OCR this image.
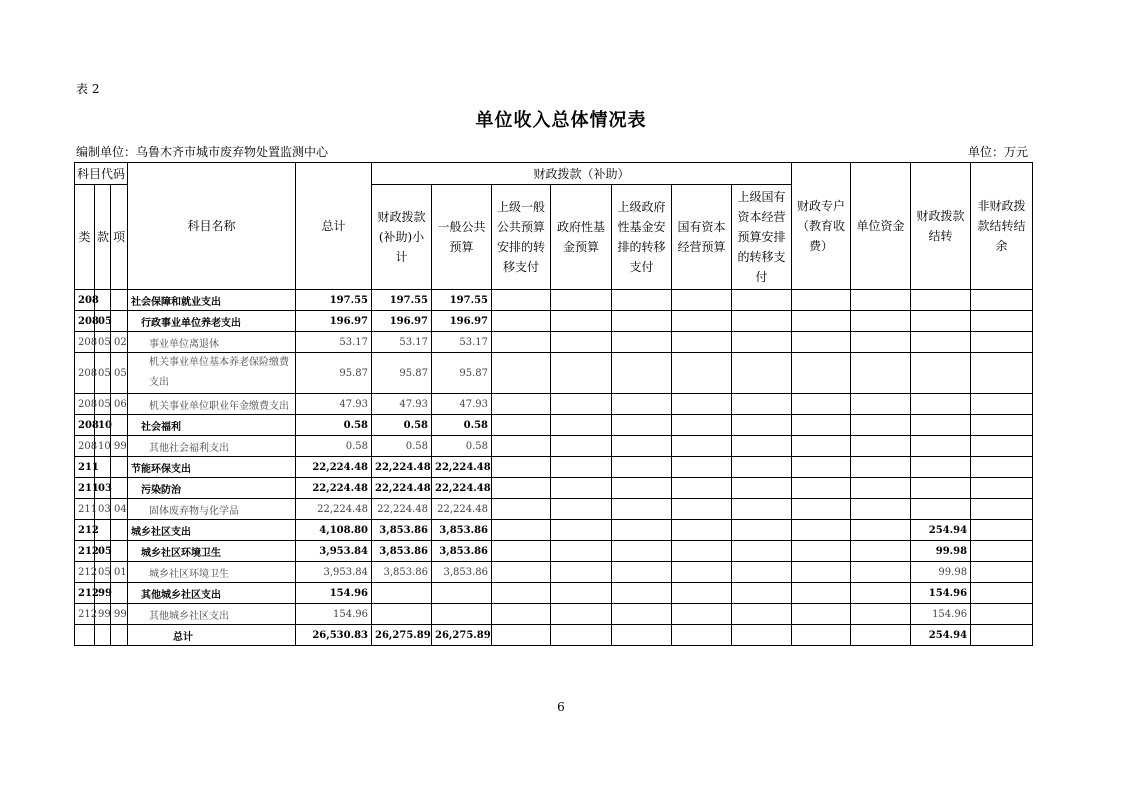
表 2
单位收入总体情况表
编制单位：乌鲁木齐市城市废弃物处置监测中心	单位：万元
科目代码			科目名称	总计	财政拨款（补助）							财政专户（教育收费）	单位资金	财政拨款结转	非财政拨款结转结余
类	款	项			财政拨款(补助)小计	一般公共预算	上级一般公共预算安排的转移支付	政府性基金预算	上级政府性基金安排的转移支付	国有资本经营预算	上级国有资本经营预算安排的转移支付				
208			社会保障和就业支出	197.55	197.55	197.55									
208	05		行政事业单位养老支出	196.97	196.97	196.97									
208	05	02	事业单位离退休	53.17	53.17	53.17									
208	05	05	机关事业单位基本养老保险缴费支出	95.87	95.87	95.87									
208	05	06	机关事业单位职业年金缴费支出	47.93	47.93	47.93									
208	10		社会福利	0.58	0.58	0.58									
208	10	99	其他社会福利支出	0.58	0.58	0.58									
211			节能环保支出	22,224.48	22,224.48	22,224.48									
211	03		污染防治	22,224.48	22,224.48	22,224.48									
211	03	04	固体废弃物与化学品	22,224.48	22,224.48	22,224.48									
212			城乡社区支出	4,108.80	3,853.86	3,853.86								254.94	
212	05		城乡社区环境卫生	3,953.84	3,853.86	3,853.86								99.98	
212	05	01	城乡社区环境卫生	3,953.84	3,853.86	3,853.86								99.98	
212	99		其他城乡社区支出	154.96										154.96	
212	99	99	其他城乡社区支出	154.96										154.96	
			总计	26,530.83	26,275.89	26,275.89								254.94	
6
